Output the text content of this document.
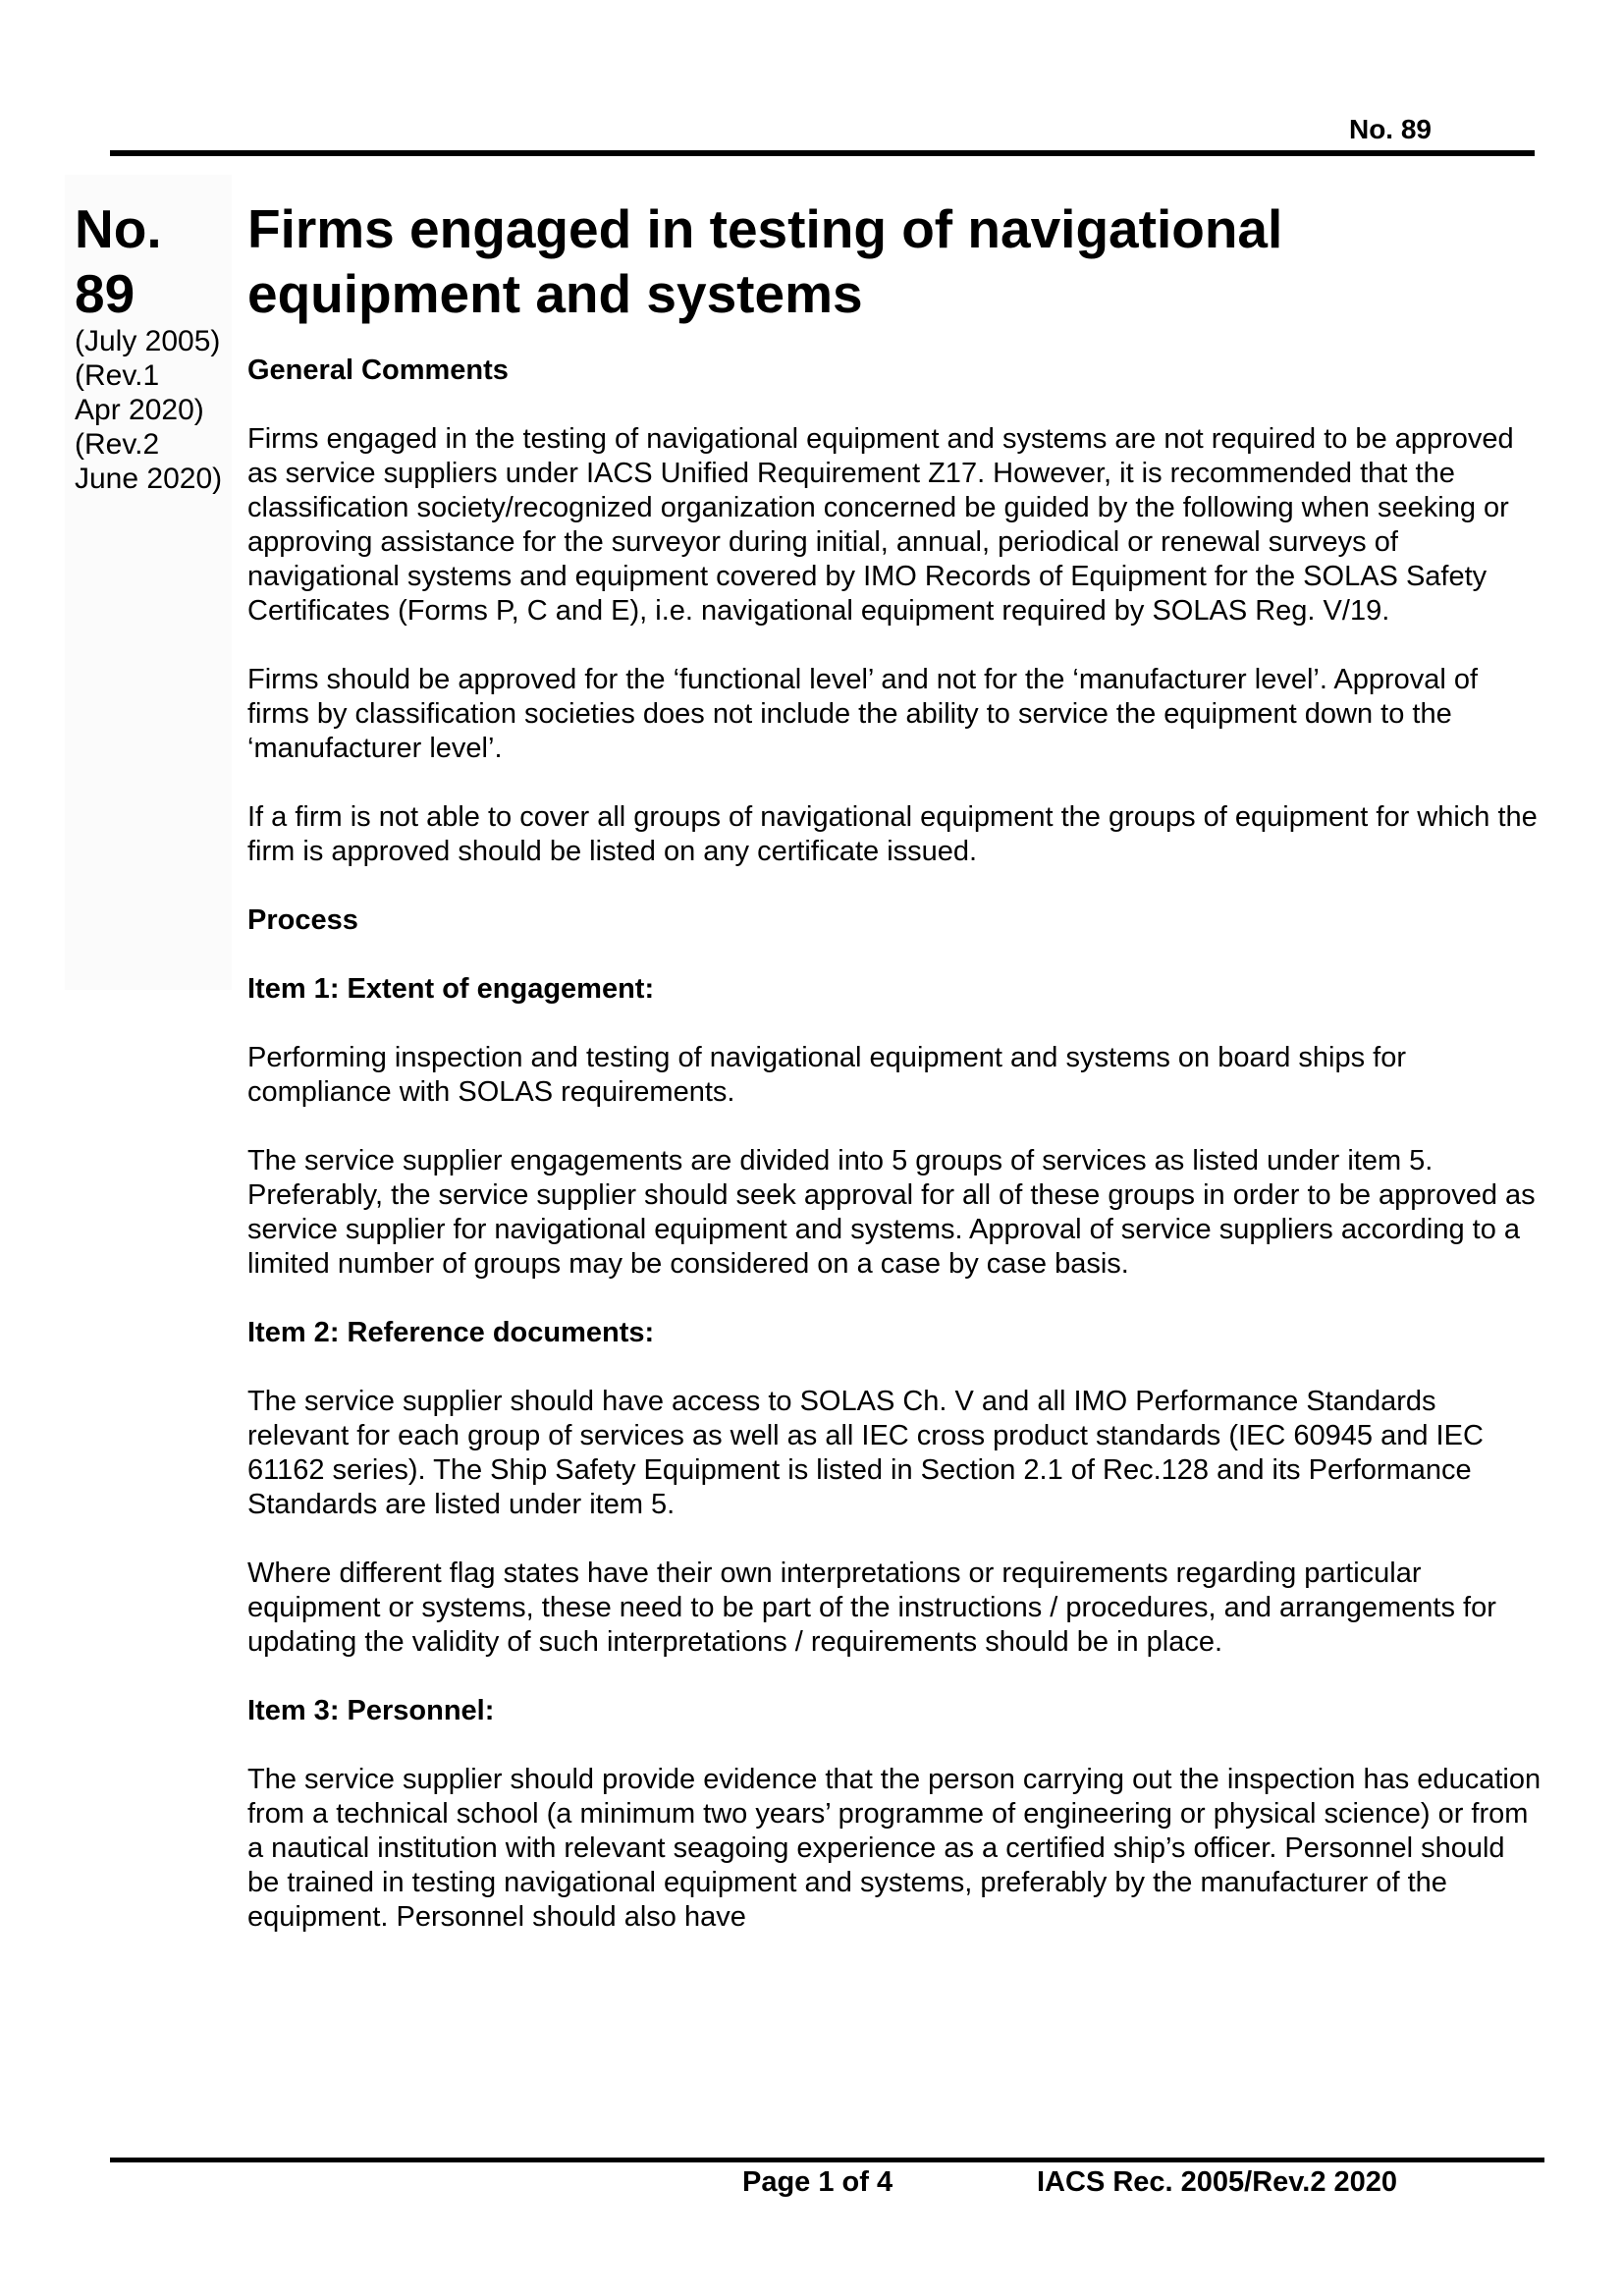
No. 89
No.
89
(July 2005)
(Rev.1
Apr 2020)
(Rev.2
June 2020)
Firms engaged in testing of navigational equipment and systems
General Comments

Firms engaged in the testing of navigational equipment and systems are not required to be approved as service suppliers under IACS Unified Requirement Z17. However, it is recommended that the classification society/recognized organization concerned be guided by the following when seeking or approving assistance for the surveyor during initial, annual, periodical or renewal surveys of navigational systems and equipment covered by IMO Records of Equipment for the SOLAS Safety Certificates (Forms P, C and E), i.e. navigational equipment required by SOLAS Reg. V/19.

Firms should be approved for the ‘functional level’ and not for the ‘manufacturer level’. Approval of firms by classification societies does not include the ability to service the equipment down to the ‘manufacturer level’.

If a firm is not able to cover all groups of navigational equipment the groups of equipment for which the firm is approved should be listed on any certificate issued.

Process
Item 1: Extent of engagement:

Performing inspection and testing of navigational equipment and systems on board ships for compliance with SOLAS requirements.

The service supplier engagements are divided into 5 groups of services as listed under item 5. Preferably, the service supplier should seek approval for all of these groups in order to be approved as service supplier for navigational equipment and systems. Approval of service suppliers according to a limited number of groups may be considered on a case by case basis.

Item 2: Reference documents:

The service supplier should have access to SOLAS Ch. V and all IMO Performance Standards relevant for each group of services as well as all IEC cross product standards (IEC 60945 and IEC 61162 series). The Ship Safety Equipment is listed in Section 2.1 of Rec.128 and its Performance Standards are listed under item 5.

Where different flag states have their own interpretations or requirements regarding particular equipment or systems, these need to be part of the instructions / procedures, and arrangements for updating the validity of such interpretations / requirements should be in place.

Item 3: Personnel:

The service supplier should provide evidence that the person carrying out the inspection has education from a technical school (a minimum two years’ programme of engineering or physical science) or from a nautical institution with relevant seagoing experience as a certified ship’s officer. Personnel should be trained in testing navigational equipment and systems, preferably by the manufacturer of the equipment. Personnel should also have

Page 1 of 4	IACS Rec. 2005/Rev.2 2020
